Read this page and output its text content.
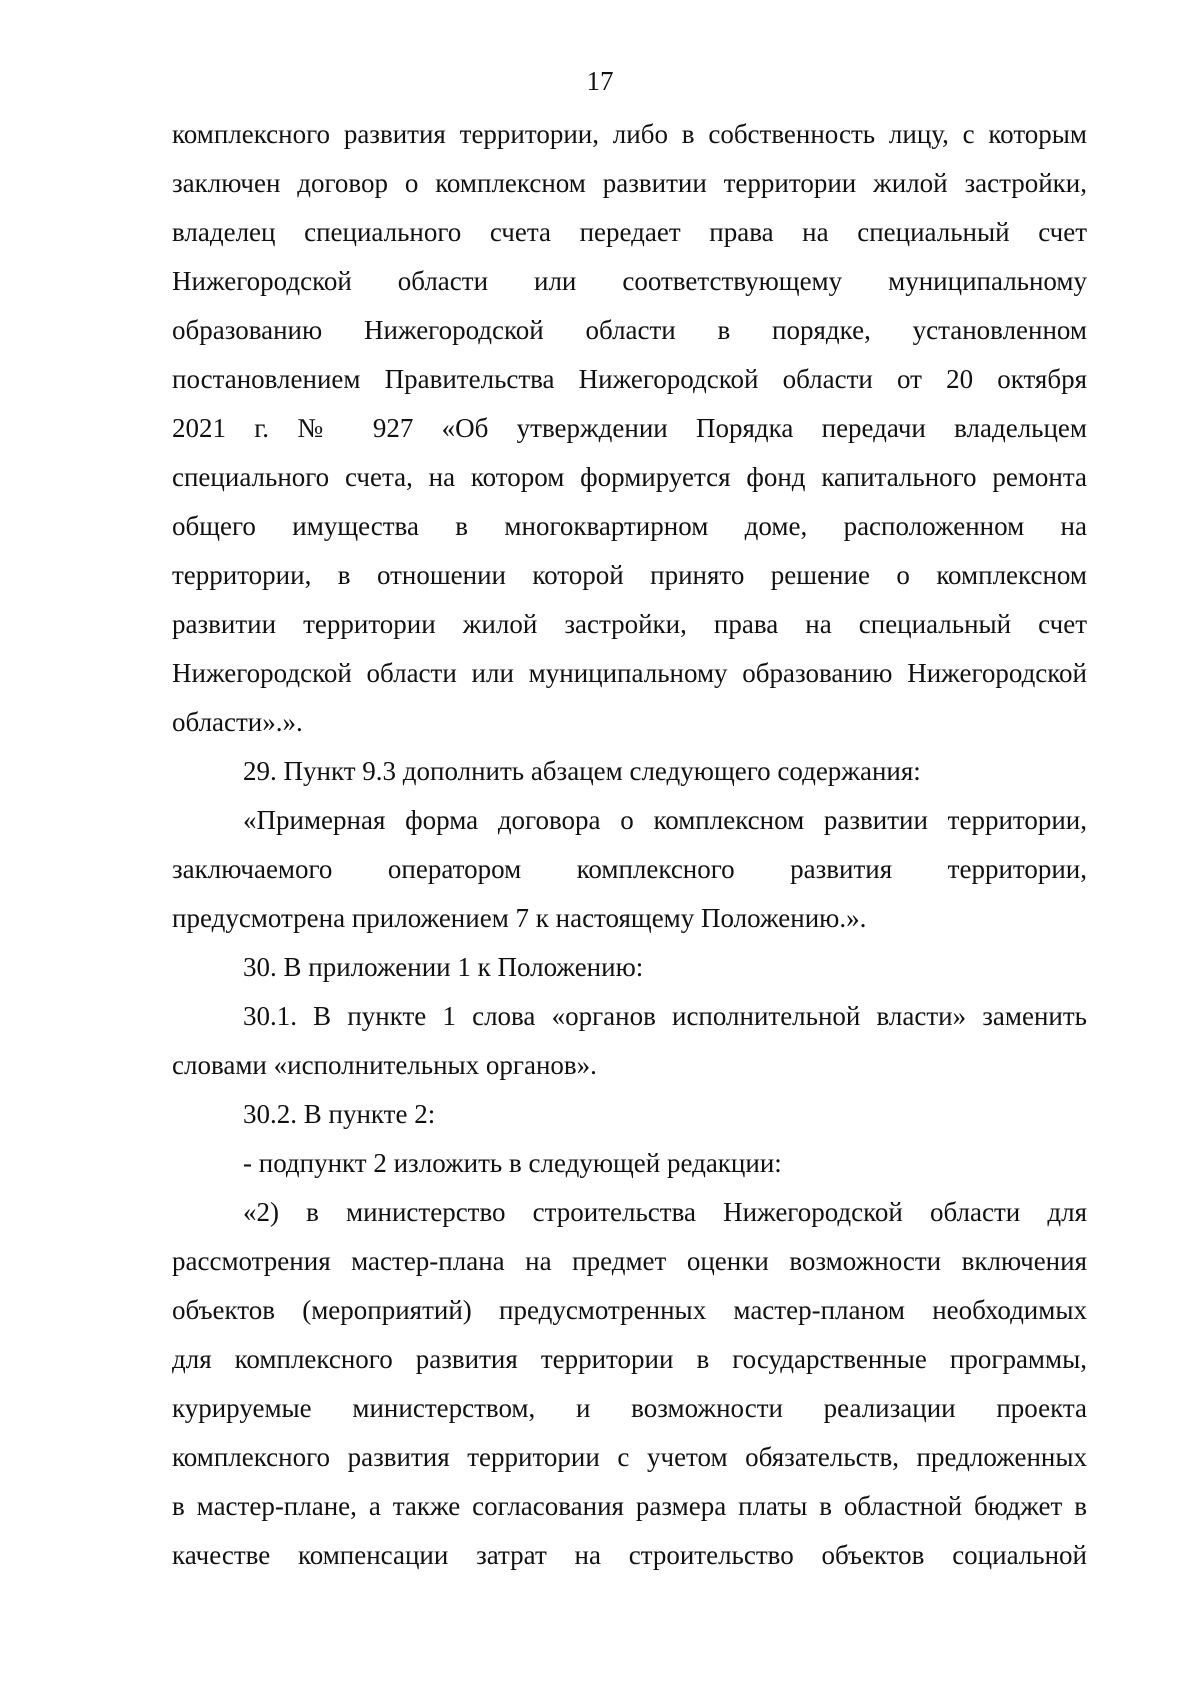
17
комплексного развития территории, либо в собственность лицу, с которым
заключен договор о комплексном развитии территории жилой застройки,
владелец специального счета передает права на специальный счет
Нижегородской области или соответствующему муниципальному
образованию Нижегородской области в порядке, установленном
постановлением Правительства Нижегородской области от 20 октября
2021 г. № 927 «Об утверждении Порядка передачи владельцем
специального счета, на котором формируется фонд капитального ремонта
общего имущества в многоквартирном доме, расположенном на
территории, в отношении которой принято решение о комплексном
развитии территории жилой застройки, права на специальный счет
Нижегородской области или муниципальному образованию Нижегородской
области».».
29. Пункт 9.3 дополнить абзацем следующего содержания:
«Примерная форма договора о комплексном развитии территории,
заключаемого оператором комплексного развития территории,
предусмотрена приложением 7 к настоящему Положению.».
30. В приложении 1 к Положению:
30.1. В пункте 1 слова «органов исполнительной власти» заменить
словами «исполнительных органов».
30.2. В пункте 2:
- подпункт 2 изложить в следующей редакции:
«2) в министерство строительства Нижегородской области для
рассмотрения мастер-плана на предмет оценки возможности включения
объектов (мероприятий) предусмотренных мастер-планом необходимых
для комплексного развития территории в государственные программы,
курируемые министерством, и возможности реализации проекта
комплексного развития территории с учетом обязательств, предложенных
в мастер-плане, а также согласования размера платы в областной бюджет в
качестве компенсации затрат на строительство объектов социальной
